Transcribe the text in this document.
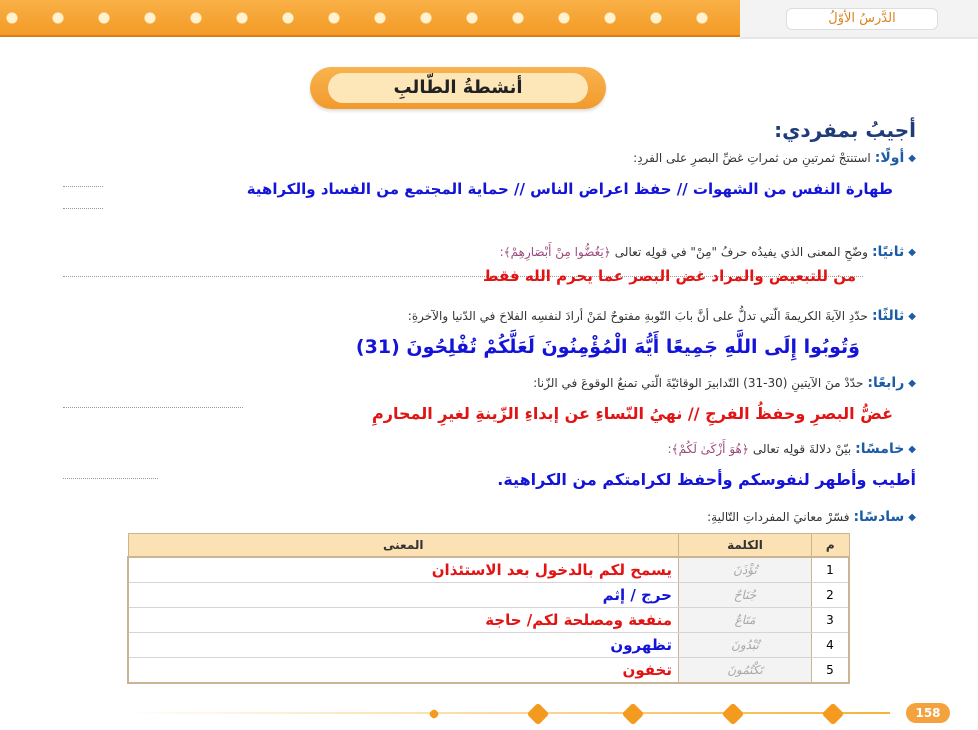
الدَّرسُ الأوّلُ
أنشطةُ الطّالبِ
أجيبُ بمفردي:
◆
أولًا:
استنتجْ ثمرتينِ من ثمراتِ غضِّ البصرِ على الفردِ:
طهارة النفس من الشهوات // حفظ اعراض الناس // حماية المجتمع من الفساد والكراهية
◆
ثانيًا:
وضّحِ المعنى الذي يفيدُه حرفُ "مِنْ" في قولِه تعالى
﴿يَغُضُّوا مِنْ أَبْصَارِهِمْ﴾:
من للتبعيض والمراد غض البصر عما يحرم الله فقط
◆
ثالثًا:
حدّدِ الآيةَ الكريمةَ الّتي تدلُّ على أنَّ بابَ التّوبةِ مفتوحٌ لمَنْ أرادَ لنفسِه الفلاحَ في الدّنيا والآخرةِ:
وَتُوبُوا إِلَى اللَّهِ جَمِيعًا أَيُّهَ الْمُؤْمِنُونَ لَعَلَّكُمْ تُفْلِحُونَ (31)
◆
رابعًا:
حدّدْ منَ الآيتينِ (30-31) التّدابيرَ الوقائيّةَ الّتي تمنعُ الوقوعَ في الزّنا:
غضُّ البصرِ وحفظُ الفرجِ // نهيُ النّساءِ عن إبداءِ الزّينةِ لغيرِ المحارمِ
◆
خامسًا:
بيّنْ دلالةَ قولِه تعالى
﴿هُوَ أَزْكَىٰ لَكُمْ﴾:
أطيب وأطهر لنفوسكم وأحفظ لكرامتكم من الكراهية.
◆
سادسًا:
فسّرْ معانيَ المفرداتِ التّاليةِ:
م	الكلمة	المعنى
1	تُؤْذَنَ	يسمح لكم بالدخول بعد الاستئذان
2	جُنَاحٌ	حرج / إثم
3	مَتَاعٌ	منفعة ومصلحة لكم/ حاجة
4	تُبْدُونَ	تظهرون
5	تَكْتُمُونَ	تخفون
158
